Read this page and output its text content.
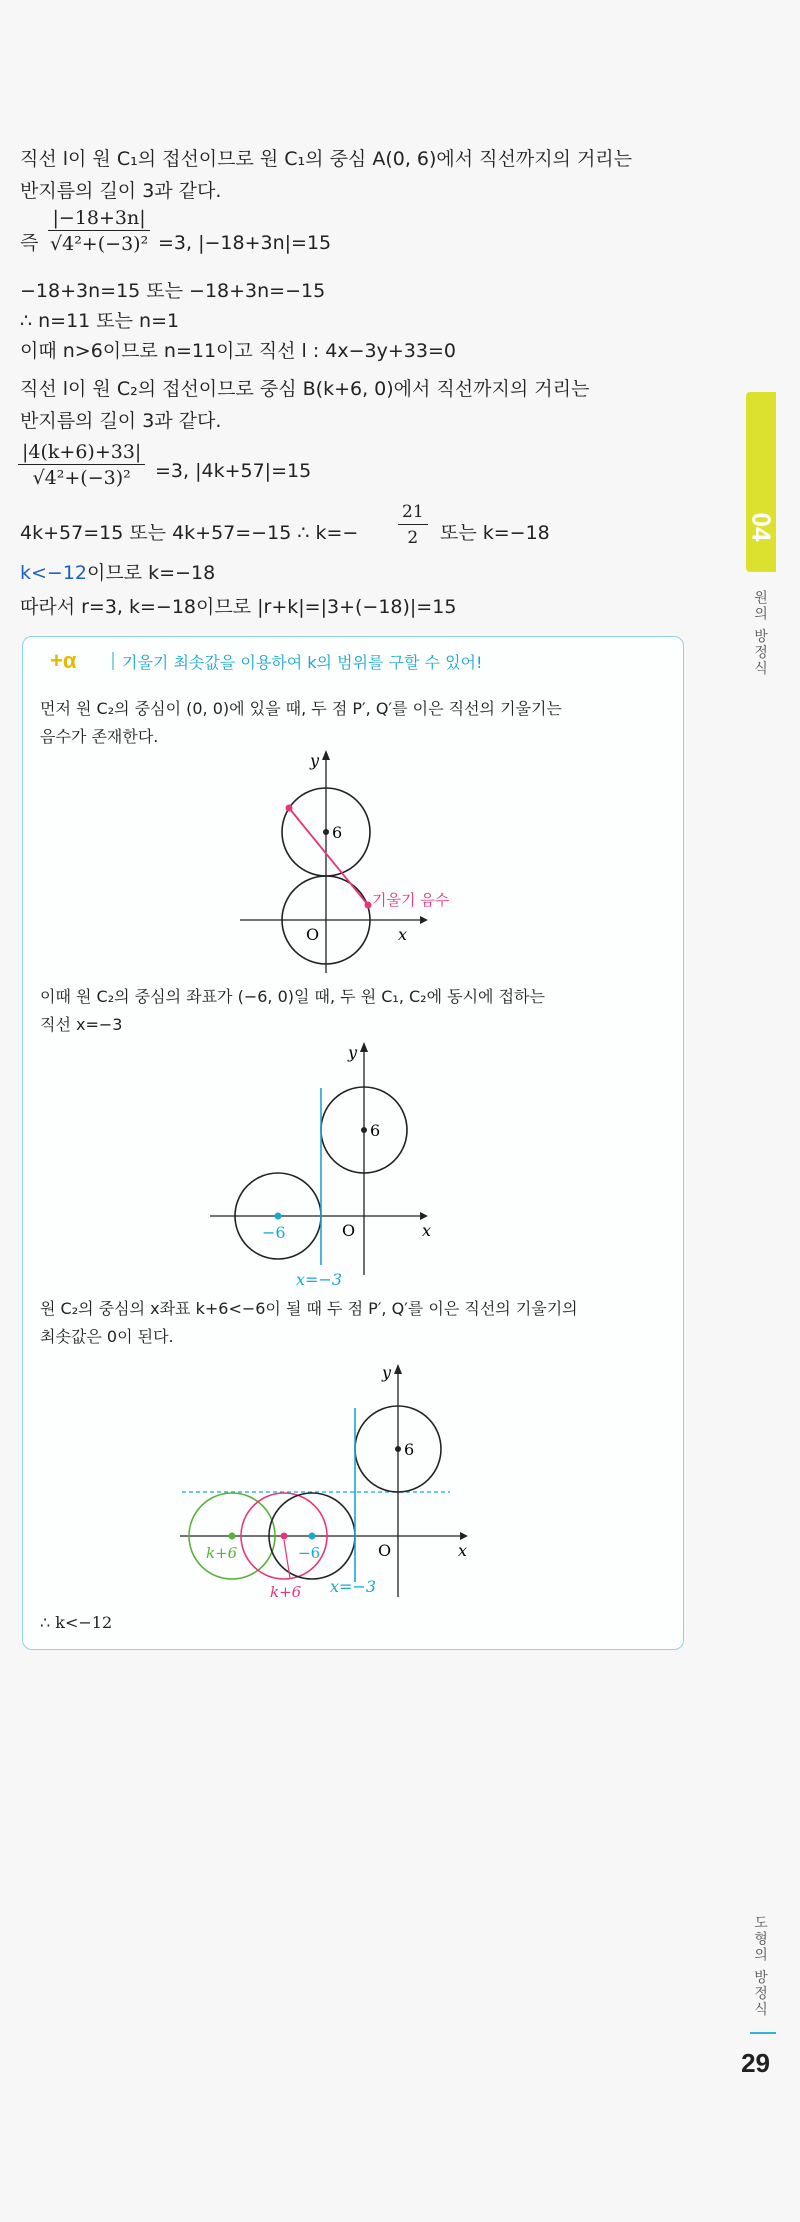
직선 l이 원 C₁의 접선이므로 원 C₁의 중심 A(0, 6)에서 직선까지의 거리는
반지름의 길이 3과 같다.
즉 $\frac{|-18+3n|}{\text{√4²+(−3)²}} =3$, |−18+3n|=15
−18+3n=15 또는 −18+3n=−15
∴ n=11 또는 n=1
이때 n>6이므로 n=11이고 직선 l : 4x−3y+33=0
직선 l이 원 C₂의 접선이므로 중심 B(k+6, 0)에서 직선까지의 거리는
반지름의 길이 3과 같다.
$\frac{|4(k+6)+33|}{\text{√4²+(−3)²}} =3$, |4k+57|=15
4k+57=15 또는 4k+57=−15 ∴ $k=- \frac{21}{2}$ 또는 k=−18
k<−12이므로 k=−18
따라서 r=3, k=−18이므로 |r+k|=|3+(−18)|=15
+α	기울기 최솟값을 이용하여 k의 범위를 구할 수 있어!
먼저 원 C₂의 중심이 (0, 0)에 있을 때, 두 점 P′, Q′를 이은 직선의 기울기는
음수가 존재한다.
6
y
x
O
기울기 음수
이때 원 C₂의 중심의 좌표가 (−6, 0)일 때, 두 원 C₁, C₂에 동시에 접하는
직선 x=−3
6
−6
y
x
O
x=−3
원 C₂의 중심의 x좌표 k+6<−6이 될 때 두 점 P′, Q′를 이은 직선의 기울기의
최솟값은 0이 된다.
6
k+6	−6
k+6 x=−3
y
x
O
∴ k<−12
04
원의 방정식
도형의 방정식
29
